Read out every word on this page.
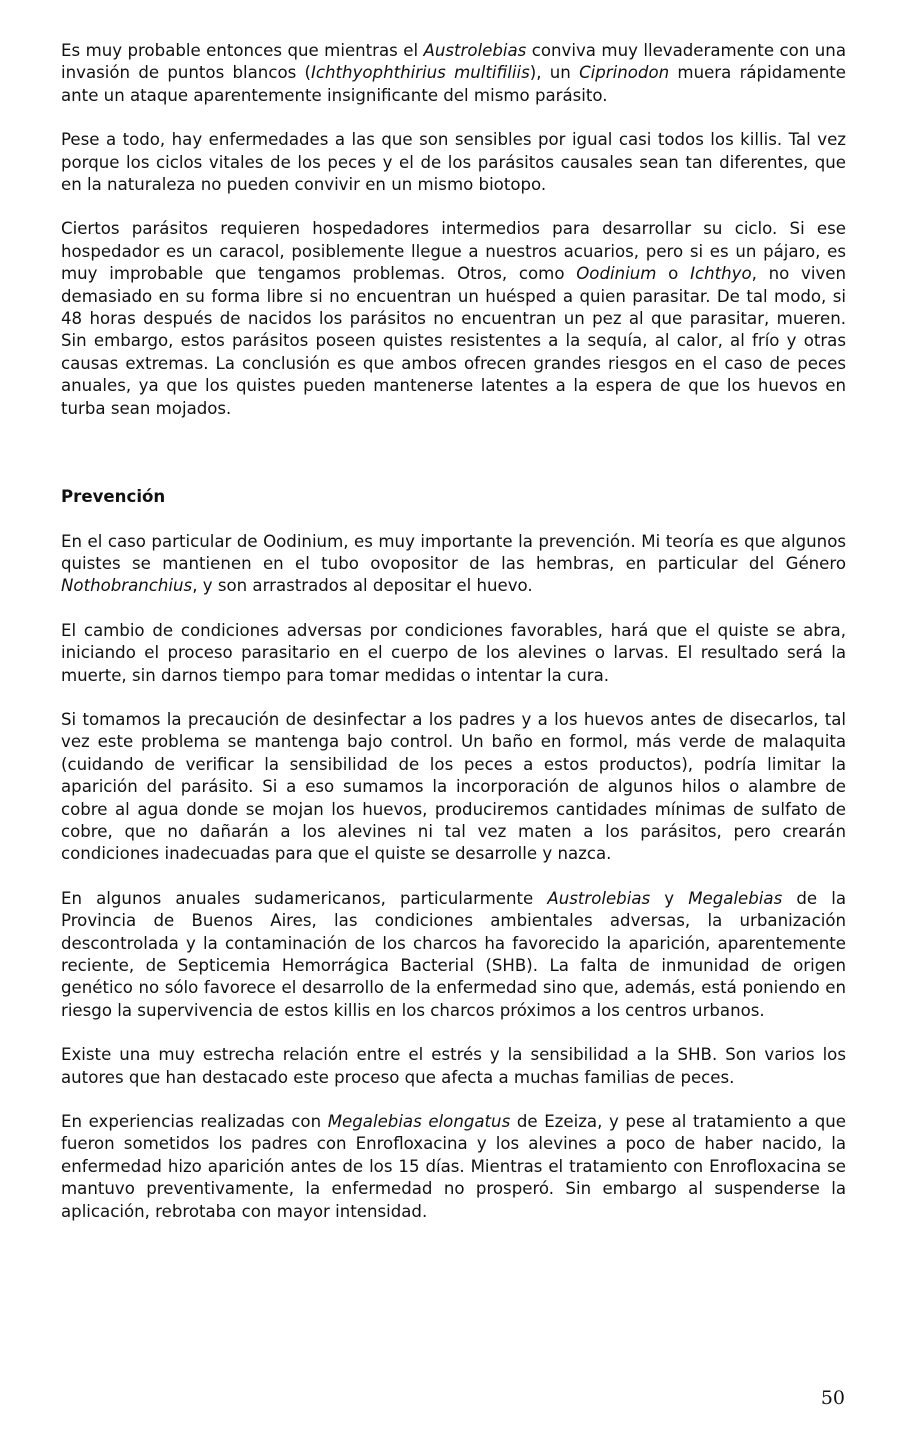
Es muy probable entonces que mientras el Austrolebias conviva muy llevaderamente con una invasión de puntos blancos (Ichthyophthirius multifiliis), un Ciprinodon muera rápidamente ante un ataque aparentemente insignificante del mismo parásito.

Pese a todo, hay enfermedades a las que son sensibles por igual casi todos los killis. Tal vez porque los ciclos vitales de los peces y el de los parásitos causales sean tan diferentes, que en la naturaleza no pueden convivir en un mismo biotopo.

Ciertos parásitos requieren hospedadores intermedios para desarrollar su ciclo. Si ese hospedador es un caracol, posiblemente llegue a nuestros acuarios, pero si es un pájaro, es muy improbable que tengamos problemas. Otros, como Oodinium o Ichthyo, no viven demasiado en su forma libre si no encuentran un huésped a quien parasitar. De tal modo, si 48 horas después de nacidos los parásitos no encuentran un pez al que parasitar, mueren. Sin embargo, estos parásitos poseen quistes resistentes a la sequía, al calor, al frío y otras causas extremas. La conclusión es que ambos ofrecen grandes riesgos en el caso de peces anuales, ya que los quistes pueden mantenerse latentes a la espera de que los huevos en turba sean mojados.

Prevención

En el caso particular de Oodinium, es muy importante la prevención. Mi teoría es que algunos quistes se mantienen en el tubo ovopositor de las hembras, en particular del Género Nothobranchius, y son arrastrados al depositar el huevo.

El cambio de condiciones adversas por condiciones favorables, hará que el quiste se abra, iniciando el proceso parasitario en el cuerpo de los alevines o larvas. El resultado será la muerte, sin darnos tiempo para tomar medidas o intentar la cura.

Si tomamos la precaución de desinfectar a los padres y a los huevos antes de disecarlos, tal vez este problema se mantenga bajo control. Un baño en formol, más verde de malaquita (cuidando de verificar la sensibilidad de los peces a estos productos), podría limitar la aparición del parásito. Si a eso sumamos la incorporación de algunos hilos o alambre de cobre al agua donde se mojan los huevos, produciremos cantidades mínimas de sulfato de cobre, que no dañarán a los alevines ni tal vez maten a los parásitos, pero crearán condiciones inadecuadas para que el quiste se desarrolle y nazca.

En algunos anuales sudamericanos, particularmente Austrolebias y Megalebias de la Provincia de Buenos Aires, las condiciones ambientales adversas, la urbanización descontrolada y la contaminación de los charcos ha favorecido la aparición, aparentemente reciente, de Septicemia Hemorrágica Bacterial (SHB). La falta de inmunidad de origen genético no sólo favorece el desarrollo de la enfermedad sino que, además, está poniendo en riesgo la supervivencia de estos killis en los charcos próximos a los centros urbanos.

Existe una muy estrecha relación entre el estrés y la sensibilidad a la SHB. Son varios los autores que han destacado este proceso que afecta a muchas familias de peces.

En experiencias realizadas con Megalebias elongatus de Ezeiza, y pese al tratamiento a que fueron sometidos los padres con Enrofloxacina y los alevines a poco de haber nacido, la enfermedad hizo aparición antes de los 15 días. Mientras el tratamiento con Enrofloxacina se mantuvo preventivamente, la enfermedad no prosperó. Sin embargo al suspenderse la aplicación, rebrotaba con mayor intensidad.

50
